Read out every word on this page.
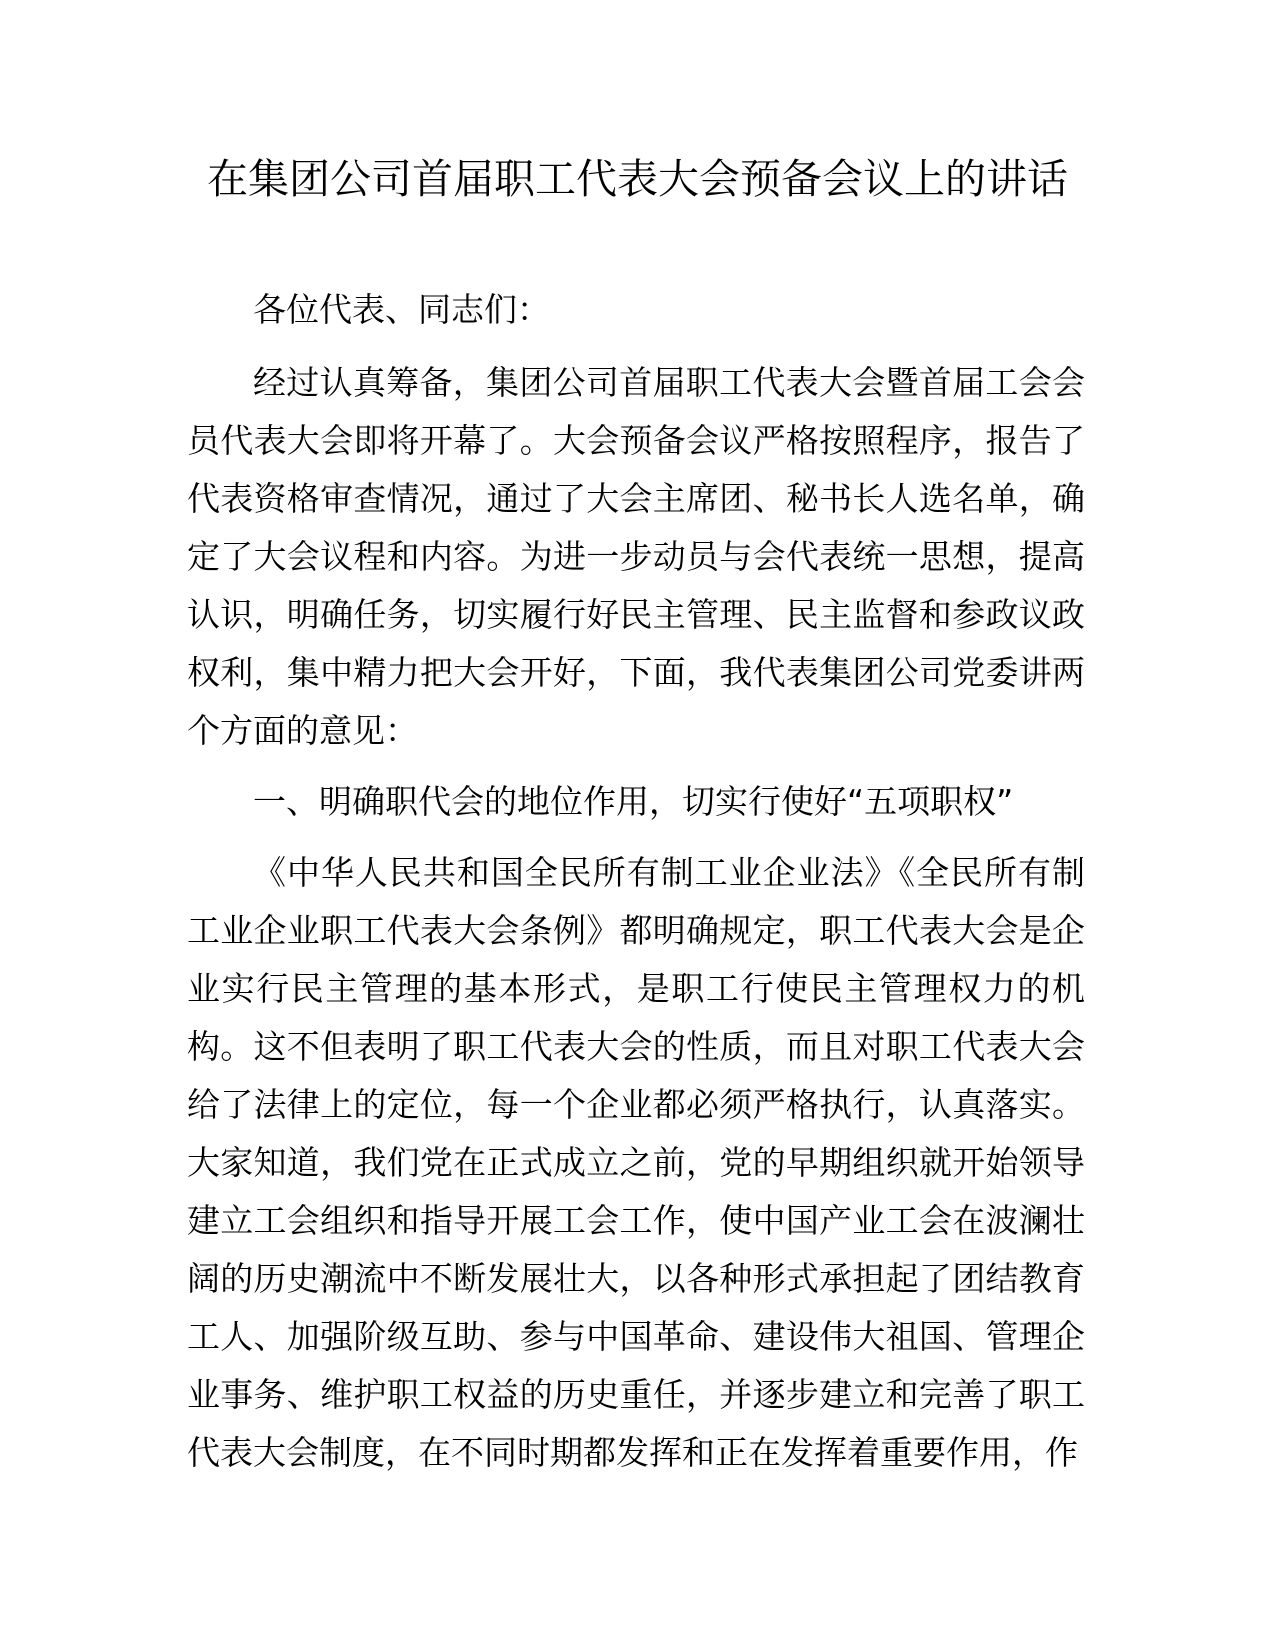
在集团公司首届职工代表大会预备会议上的讲话

各位代表、同志们：

经过认真筹备，集团公司首届职工代表大会暨首届工会会员代表大会即将开幕了。大会预备会议严格按照程序，报告了代表资格审查情况，通过了大会主席团、秘书长人选名单，确定了大会议程和内容。为进一步动员与会代表统一思想，提高认识，明确任务，切实履行好民主管理、民主监督和参政议政权利，集中精力把大会开好，下面，我代表集团公司党委讲两个方面的意见：

一、明确职代会的地位作用，切实行使好“五项职权”

《中华人民共和国全民所有制工业企业法》《全民所有制工业企业职工代表大会条例》都明确规定，职工代表大会是企业实行民主管理的基本形式，是职工行使民主管理权力的机构。这不但表明了职工代表大会的性质，而且对职工代表大会给了法律上的定位，每一个企业都必须严格执行，认真落实。大家知道，我们党在正式成立之前，党的早期组织就开始领导建立工会组织和指导开展工会工作，使中国产业工会在波澜壮阔的历史潮流中不断发展壮大，以各种形式承担起了团结教育工人、加强阶级互助、参与中国革命、建设伟大祖国、管理企业事务、维护职工权益的历史重任，并逐步建立和完善了职工代表大会制度，在不同时期都发挥和正在发挥着重要作用，作
